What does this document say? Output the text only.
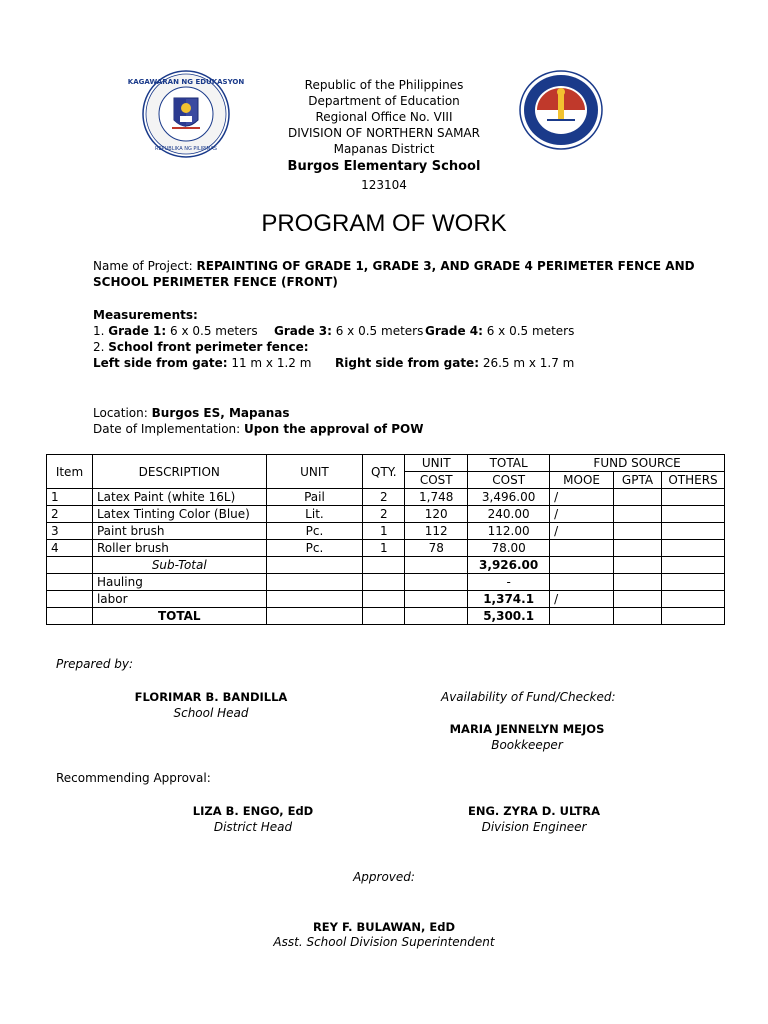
KAGAWARAN NG EDUKASYON
REPUBLIKA NG PILIPINAS
Republic of the Philippines
Department of Education
Regional Office No. VIII
DIVISION OF NORTHERN SAMAR
Mapanas District
Burgos Elementary School
123104
PROGRAM OF WORK
Name of Project: REPAINTING OF GRADE 1, GRADE 3, AND GRADE 4 PERIMETER FENCE AND
SCHOOL PERIMETER FENCE (FRONT)
Measurements:
1. Grade 1: 6 x 0.5 meters Grade 3: 6 x 0.5 meters Grade 4: 6 x 0.5 meters
2. School front perimeter fence:
Left side from gate: 11 m x 1.2 m Right side from gate: 26.5 m x 1.7 m
Location: Burgos ES, Mapanas
Date of Implementation: Upon the approval of POW
Item	DESCRIPTION	UNIT	QTY.	UNIT	TOTAL	FUND SOURCE		
				COST	COST	MOOE	GPTA	OTHERS
1	Latex Paint (white 16L)	Pail	2	1,748	3,496.00	/		
2	Latex Tinting Color (Blue)	Lit.	2	120	240.00	/		
3	Paint brush	Pc.	1	112	112.00	/		
4	Roller brush	Pc.	1	78	78.00			
	Sub-Total				3,926.00			
	Hauling				-			
	labor				1,374.1	/		
	TOTAL				5,300.1			
Prepared by:
FLORIMAR B. BANDILLA
School Head
Availability of Fund/Checked:
MARIA JENNELYN MEJOS
Bookkeeper
Recommending Approval:
LIZA B. ENGO, EdD
District Head
ENG. ZYRA D. ULTRA
Division Engineer
Approved:
REY F. BULAWAN, EdD
Asst. School Division Superintendent
